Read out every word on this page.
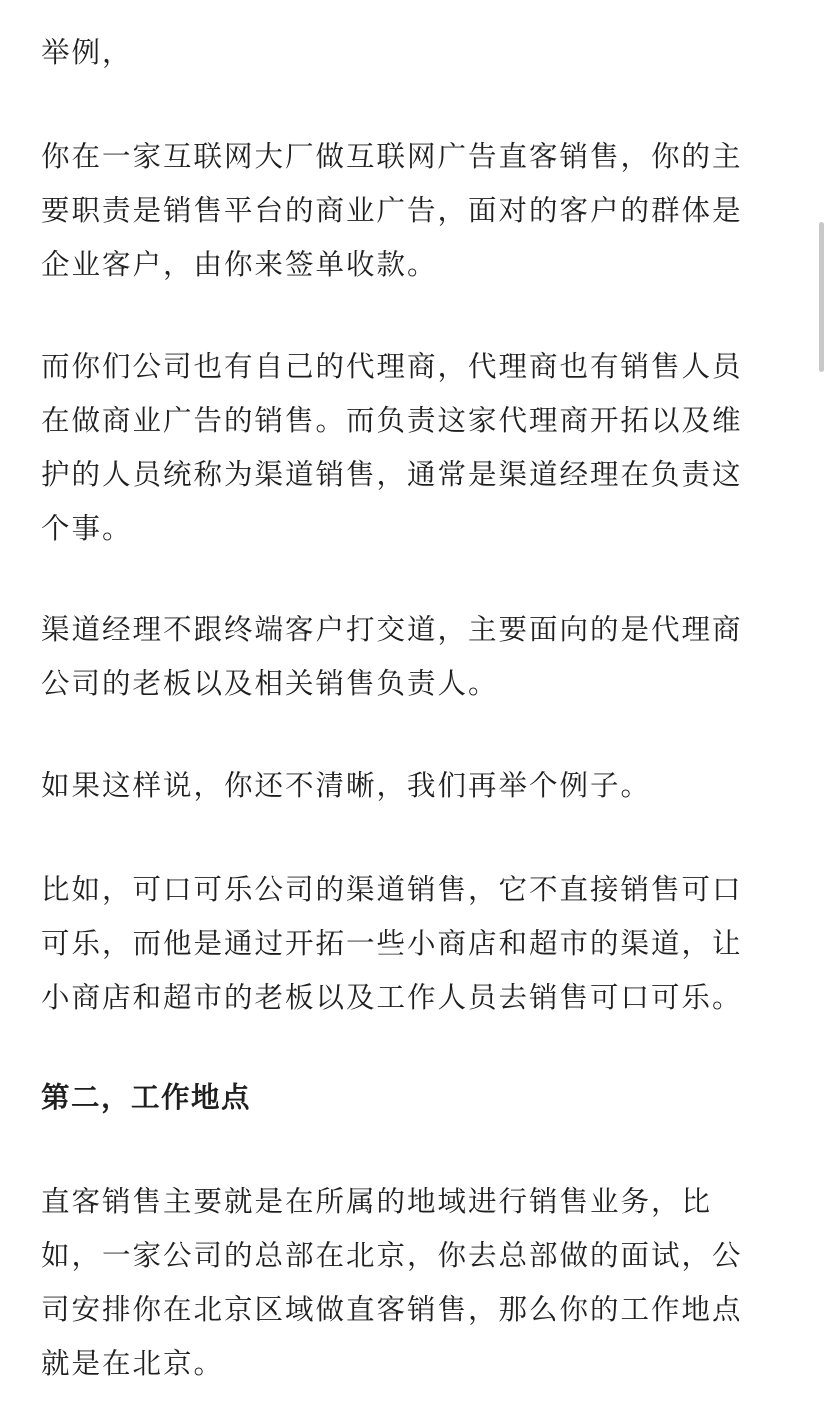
举例，

你在一家互联网大厂做互联网广告直客销售，你的主
要职责是销售平台的商业广告，面对的客户的群体是
企业客户，由你来签单收款。

而你们公司也有自己的代理商，代理商也有销售人员
在做商业广告的销售。而负责这家代理商开拓以及维
护的人员统称为渠道销售，通常是渠道经理在负责这
个事。

渠道经理不跟终端客户打交道，主要面向的是代理商
公司的老板以及相关销售负责人。

如果这样说，你还不清晰，我们再举个例子。

比如，可口可乐公司的渠道销售，它不直接销售可口
可乐，而他是通过开拓一些小商店和超市的渠道，让
小商店和超市的老板以及工作人员去销售可口可乐。

第二，工作地点

直客销售主要就是在所属的地域进行销售业务，比
如，一家公司的总部在北京，你去总部做的面试，公
司安排你在北京区域做直客销售，那么你的工作地点
就是在北京。
